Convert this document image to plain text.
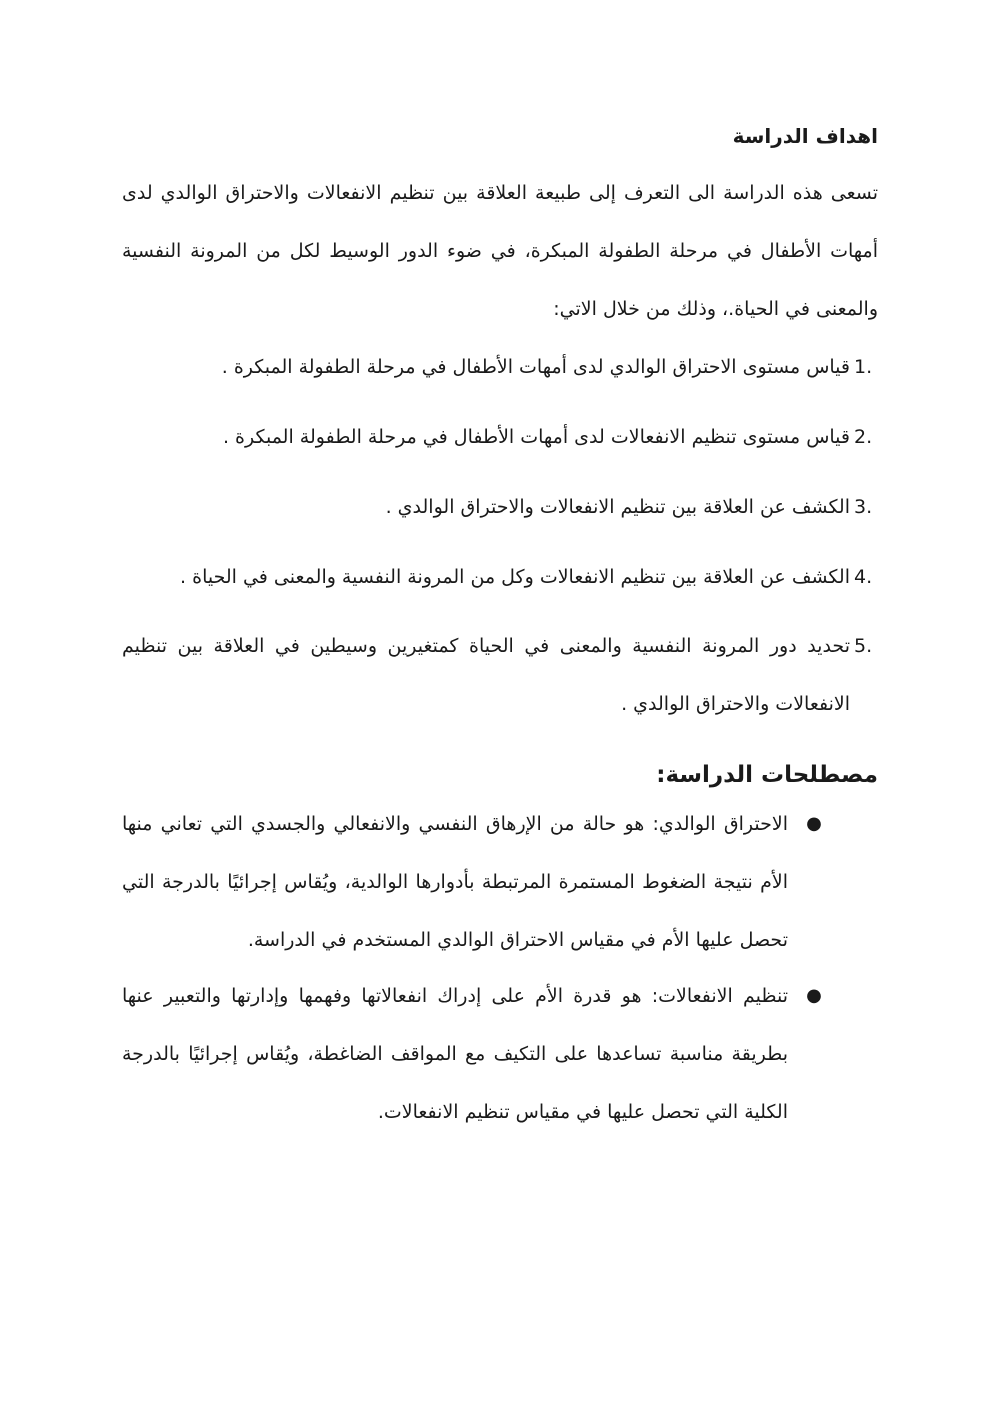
اهداف الدراسة

تسعى هذه الدراسة الى التعرف إلى طبيعة العلاقة بين تنظيم الانفعالات والاحتراق الوالدي لدى أمهات الأطفال في مرحلة الطفولة المبكرة، في ضوء الدور الوسيط لكل من المرونة النفسية والمعنى في الحياة.، وذلك من خلال الاتي:

1.
قياس مستوى الاحتراق الوالدي لدى أمهات الأطفال في مرحلة الطفولة المبكرة .
2.
قياس مستوى تنظيم الانفعالات لدى أمهات الأطفال في مرحلة الطفولة المبكرة .
3.
الكشف عن العلاقة بين تنظيم الانفعالات والاحتراق الوالدي .
4.
الكشف عن العلاقة بين تنظيم الانفعالات وكل من المرونة النفسية والمعنى في الحياة .
5.
تحديد دور المرونة النفسية والمعنى في الحياة كمتغيرين وسيطين في العلاقة بين تنظيم الانفعالات والاحتراق الوالدي .
مصطلحات الدراسة:
●
الاحتراق الوالدي: هو حالة من الإرهاق النفسي والانفعالي والجسدي التي تعاني منها الأم نتيجة الضغوط المستمرة المرتبطة بأدوارها الوالدية، ويُقاس إجرائيًا بالدرجة التي تحصل عليها الأم في مقياس الاحتراق الوالدي المستخدم في الدراسة.
●
تنظيم الانفعالات: هو قدرة الأم على إدراك انفعالاتها وفهمها وإدارتها والتعبير عنها بطريقة مناسبة تساعدها على التكيف مع المواقف الضاغطة، ويُقاس إجرائيًا بالدرجة الكلية التي تحصل عليها في مقياس تنظيم الانفعالات.
